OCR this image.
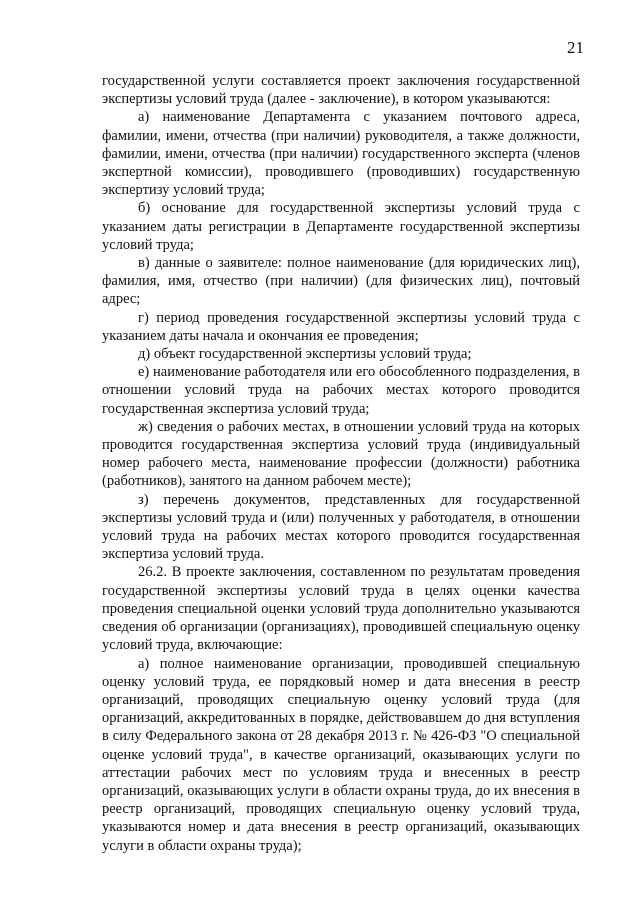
21

государственной услуги составляется проект заключения государственной экспертизы условий труда (далее - заключение), в котором указываются:

а) наименование Департамента с указанием почтового адреса, фамилии, имени, отчества (при наличии) руководителя, а также должности, фамилии, имени, отчества (при наличии) государственного эксперта (членов экспертной комиссии), проводившего (проводивших) государственную экспертизу условий труда;

б) основание для государственной экспертизы условий труда с указанием даты регистрации в Департаменте государственной экспертизы условий труда;

в) данные о заявителе: полное наименование (для юридических лиц), фамилия, имя, отчество (при наличии) (для физических лиц), почтовый адрес;

г) период проведения государственной экспертизы условий труда с указанием даты начала и окончания ее проведения;

д) объект государственной экспертизы условий труда;

е) наименование работодателя или его обособленного подразделения, в отношении условий труда на рабочих местах которого проводится государственная экспертиза условий труда;

ж) сведения о рабочих местах, в отношении условий труда на которых проводится государственная экспертиза условий труда (индивидуальный номер рабочего места, наименование профессии (должности) работника (работников), занятого на данном рабочем месте);

з) перечень документов, представленных для государственной экспертизы условий труда и (или) полученных у работодателя, в отношении условий труда на рабочих местах которого проводится государственная экспертиза условий труда.

26.2. В проекте заключения, составленном по результатам проведения государственной экспертизы условий труда в целях оценки качества проведения специальной оценки условий труда дополнительно указываются сведения об организации (организациях), проводившей специальную оценку условий труда, включающие:

а) полное наименование организации, проводившей специальную оценку условий труда, ее порядковый номер и дата внесения в реестр организаций, проводящих специальную оценку условий труда (для организаций, аккредитованных в порядке, действовавшем до дня вступления в силу Федерального закона от 28 декабря 2013 г. № 426-ФЗ "О специальной оценке условий труда", в качестве организаций, оказывающих услуги по аттестации рабочих мест по условиям труда и внесенных в реестр организаций, оказывающих услуги в области охраны труда, до их внесения в реестр организаций, проводящих специальную оценку условий труда, указываются номер и дата внесения в реестр организаций, оказывающих услуги в области охраны труда);
